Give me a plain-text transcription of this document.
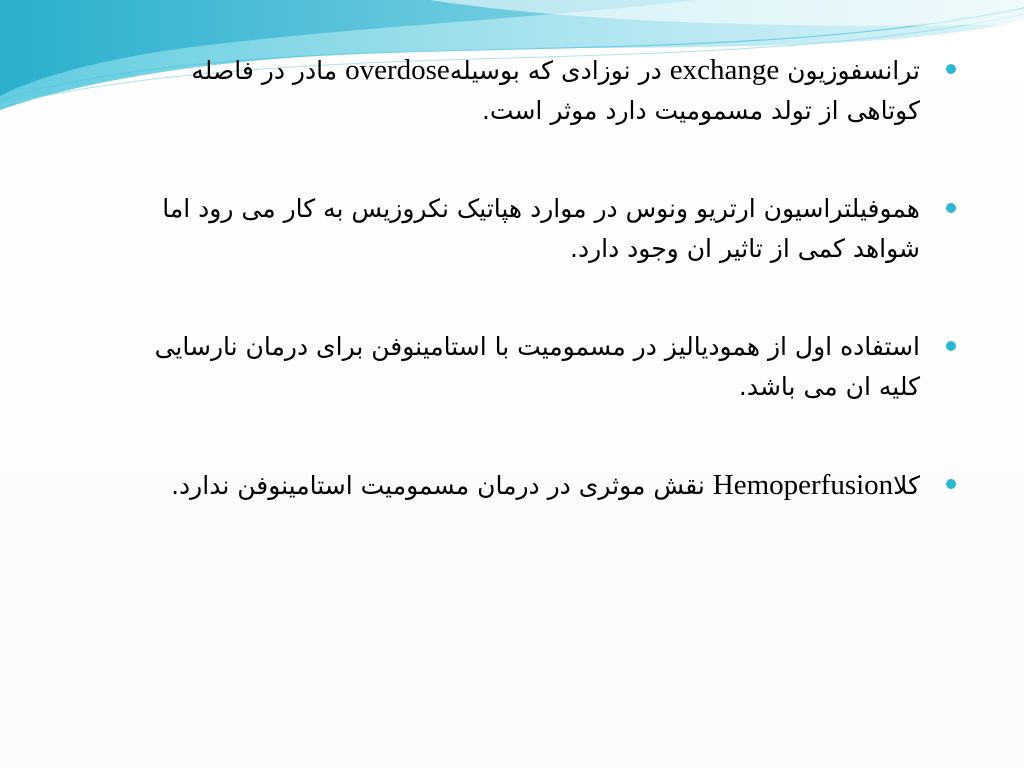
ترانسفوزیون exchange در نوزادی که بوسیلهoverdose مادر در فاصله کوتاهی از تولد مسمومیت دارد موثر است.
هموفیلتراسیون ارتریو ونوس در موارد هپاتیک نکروزیس به کار می رود اما شواهد کمی از تاثیر ان وجود دارد.
استفاده اول از همودیالیز در مسمومیت با استامینوفن برای درمان نارسایی کلیه ان می باشد.
کلاHemoperfusion نقش موثری در درمان مسمومیت استامینوفن ندارد.
